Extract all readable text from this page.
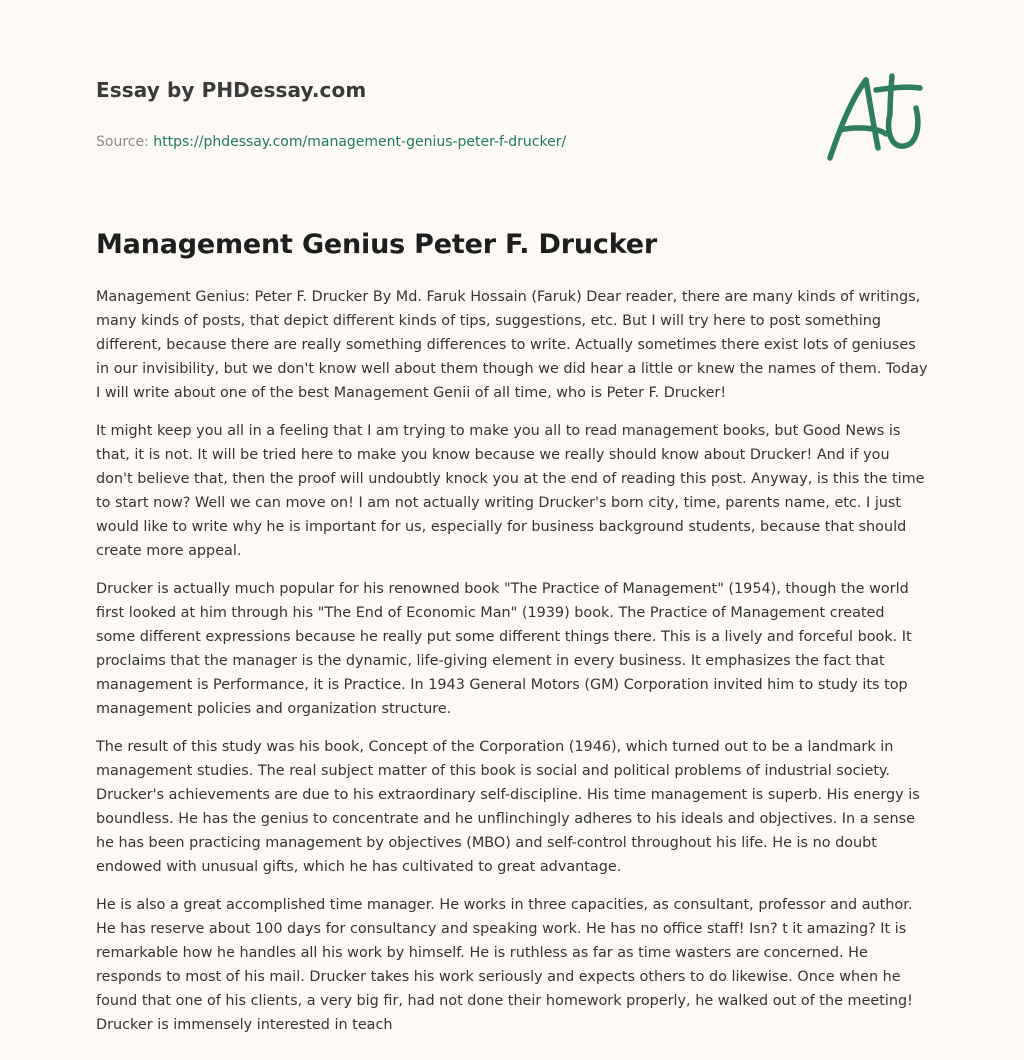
Essay by PHDessay.com
Source: https://phdessay.com/management-genius-peter-f-drucker/
Management Genius Peter F. Drucker

Management Genius: Peter F. Drucker By Md. Faruk Hossain (Faruk) Dear reader, there are many kinds of writings, many kinds of posts, that depict different kinds of tips, suggestions, etc. But I will try here to post something different, because there are really something differences to write. Actually sometimes there exist lots of geniuses in our invisibility, but we don't know well about them though we did hear a little or knew the names of them. Today I will write about one of the best Management Genii of all time, who is Peter F. Drucker!

It might keep you all in a feeling that I am trying to make you all to read management books, but Good News is that, it is not. It will be tried here to make you know because we really should know about Drucker! And if you don't believe that, then the proof will undoubtly knock you at the end of reading this post. Anyway, is this the time to start now? Well we can move on! I am not actually writing Drucker's born city, time, parents name, etc. I just would like to write why he is important for us, especially for business background students, because that should create more appeal.

Drucker is actually much popular for his renowned book "The Practice of Management" (1954), though the world first looked at him through his "The End of Economic Man" (1939) book. The Practice of Management created some different expressions because he really put some different things there. This is a lively and forceful book. It proclaims that the manager is the dynamic, life-giving element in every business. It emphasizes the fact that management is Performance, it is Practice. In 1943 General Motors (GM) Corporation invited him to study its top management policies and organization structure.

The result of this study was his book, Concept of the Corporation (1946), which turned out to be a landmark in management studies. The real subject matter of this book is social and political problems of industrial society. Drucker's achievements are due to his extraordinary self-discipline. His time management is superb. His energy is boundless. He has the genius to concentrate and he unflinchingly adheres to his ideals and objectives. In a sense he has been practicing management by objectives (MBO) and self-control throughout his life. He is no doubt endowed with unusual gifts, which he has cultivated to great advantage.

He is also a great accomplished time manager. He works in three capacities, as consultant, professor and author. He has reserve about 100 days for consultancy and speaking work. He has no office staff! Isn? t it amazing? It is remarkable how he handles all his work by himself. He is ruthless as far as time wasters are concerned. He responds to most of his mail. Drucker takes his work seriously and expects others to do likewise. Once when he found that one of his clients, a very big fir, had not done their homework properly, he walked out of the meeting! Drucker is immensely interested in teach
